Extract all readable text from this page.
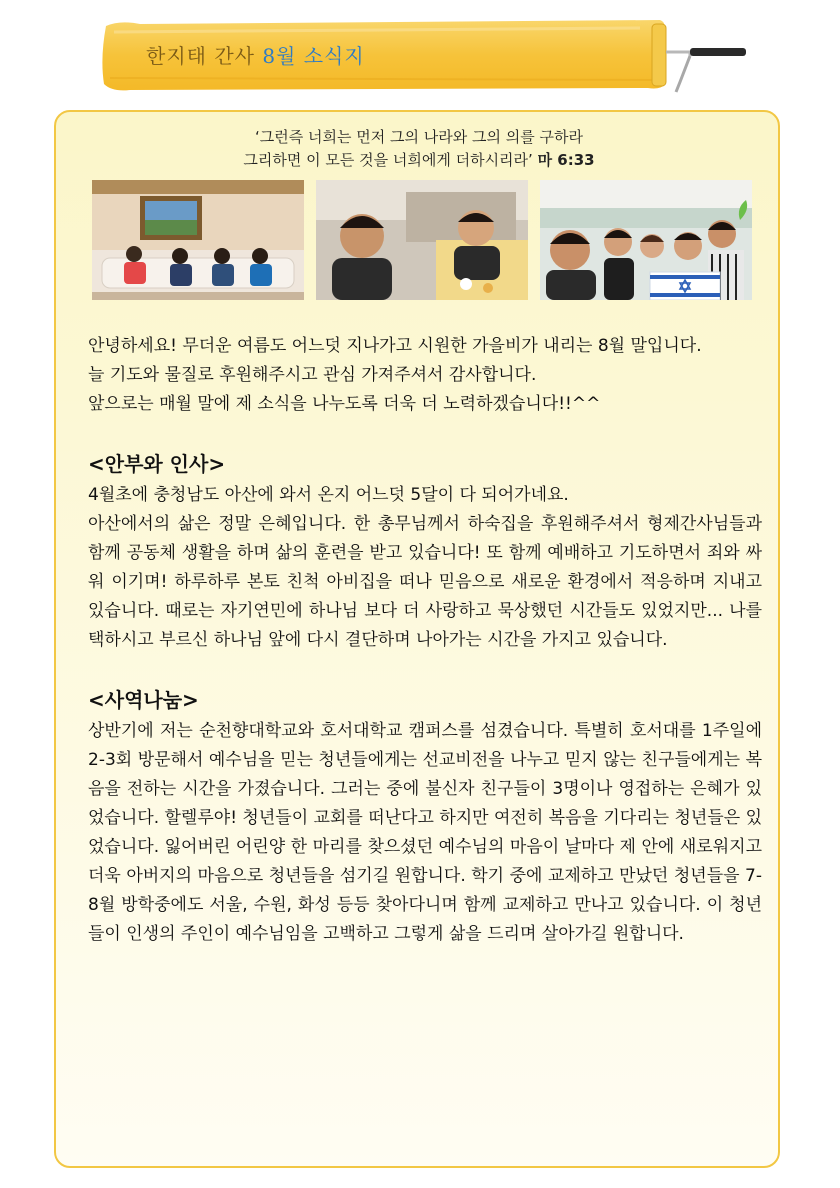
한지태 간사 8월 소식지
‘그런즉 너희는 먼저 그의 나라와 그의 의를 구하라
그리하면 이 모든 것을 너희에게 더하시리라’ 마 6:33

안녕하세요! 무더운 여름도 어느덧 지나가고 시원한 가을비가 내리는 8월 말입니다.

늘 기도와 물질로 후원해주시고 관심 가져주셔서 감사합니다.

앞으로는 매월 말에 제 소식을 나누도록 더욱 더 노력하겠습니다!!^^

<안부와 인사>

4월초에 충청남도 아산에 와서 온지 어느덧 5달이 다 되어가네요.

아산에서의 삶은 정말 은혜입니다. 한 총무님께서 하숙집을 후원해주셔서 형제간사님들과 함께 공동체 생활을 하며 삶의 훈련을 받고 있습니다! 또 함께 예배하고 기도하면서 죄와 싸워 이기며! 하루하루 본토 친척 아비집을 떠나 믿음으로 새로운 환경에서 적응하며 지내고 있습니다. 때로는 자기연민에 하나님 보다 더 사랑하고 묵상했던 시간들도 있었지만... 나를 택하시고 부르신 하나님 앞에 다시 결단하며 나아가는 시간을 가지고 있습니다.

<사역나눔>

상반기에 저는 순천향대학교와 호서대학교 캠퍼스를 섬겼습니다. 특별히 호서대를 1주일에 2-3회 방문해서 예수님을 믿는 청년들에게는 선교비전을 나누고 믿지 않는 친구들에게는 복음을 전하는 시간을 가졌습니다. 그러는 중에 불신자 친구들이 3명이나 영접하는 은혜가 있었습니다. 할렐루야! 청년들이 교회를 떠난다고 하지만 여전히 복음을 기다리는 청년들은 있었습니다. 잃어버린 어린양 한 마리를 찾으셨던 예수님의 마음이 날마다 제 안에 새로워지고 더욱 아버지의 마음으로 청년들을 섬기길 원합니다. 학기 중에 교제하고 만났던 청년들을 7-8월 방학중에도 서울, 수원, 화성 등등 찾아다니며 함께 교제하고 만나고 있습니다. 이 청년들이 인생의 주인이 예수님임을 고백하고 그렇게 삶을 드리며 살아가길 원합니다.
